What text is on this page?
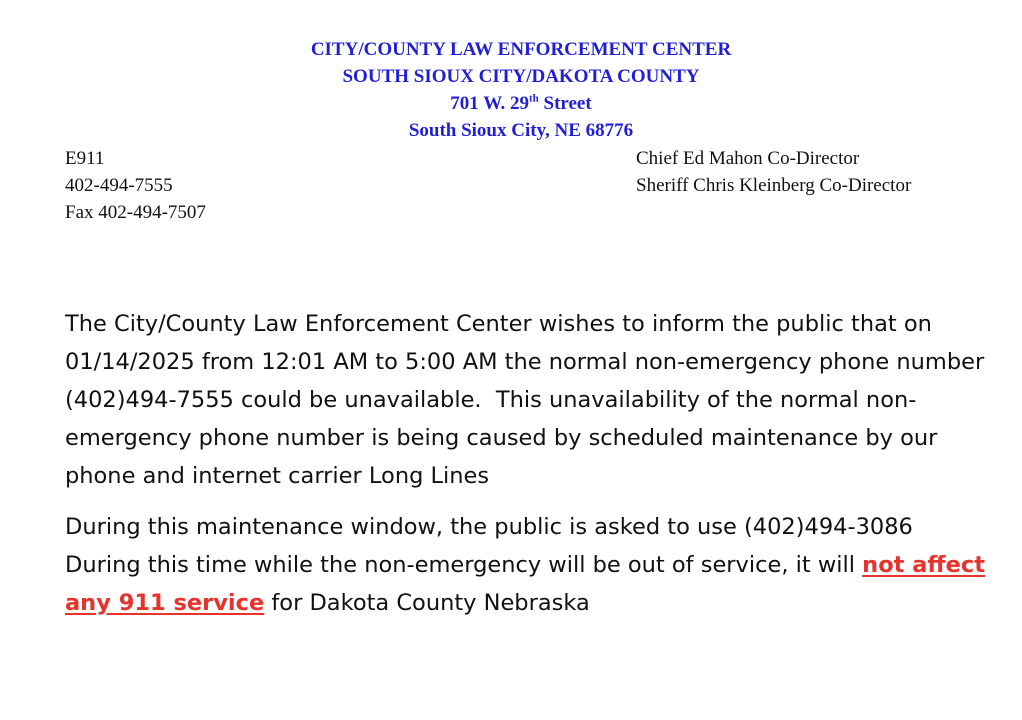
CITY/COUNTY LAW ENFORCEMENT CENTER
SOUTH SIOUX CITY/DAKOTA COUNTY
701 W. 29th Street
South Sioux City, NE 68776
E911
402-494-7555
Fax 402-494-7507
Chief Ed Mahon Co-Director
Sheriff Chris Kleinberg Co-Director

The City/County Law Enforcement Center wishes to inform the public that on 01/14/2025 from 12:01 AM to 5:00 AM the normal non-emergency phone number (402)494-7555 could be unavailable.  This unavailability of the normal non-emergency phone number is being caused by scheduled maintenance by our phone and internet carrier Long Lines

During this maintenance window, the public is asked to use (402)494-3086 During this time while the non-emergency will be out of service, it will not affect any 911 service for Dakota County Nebraska
